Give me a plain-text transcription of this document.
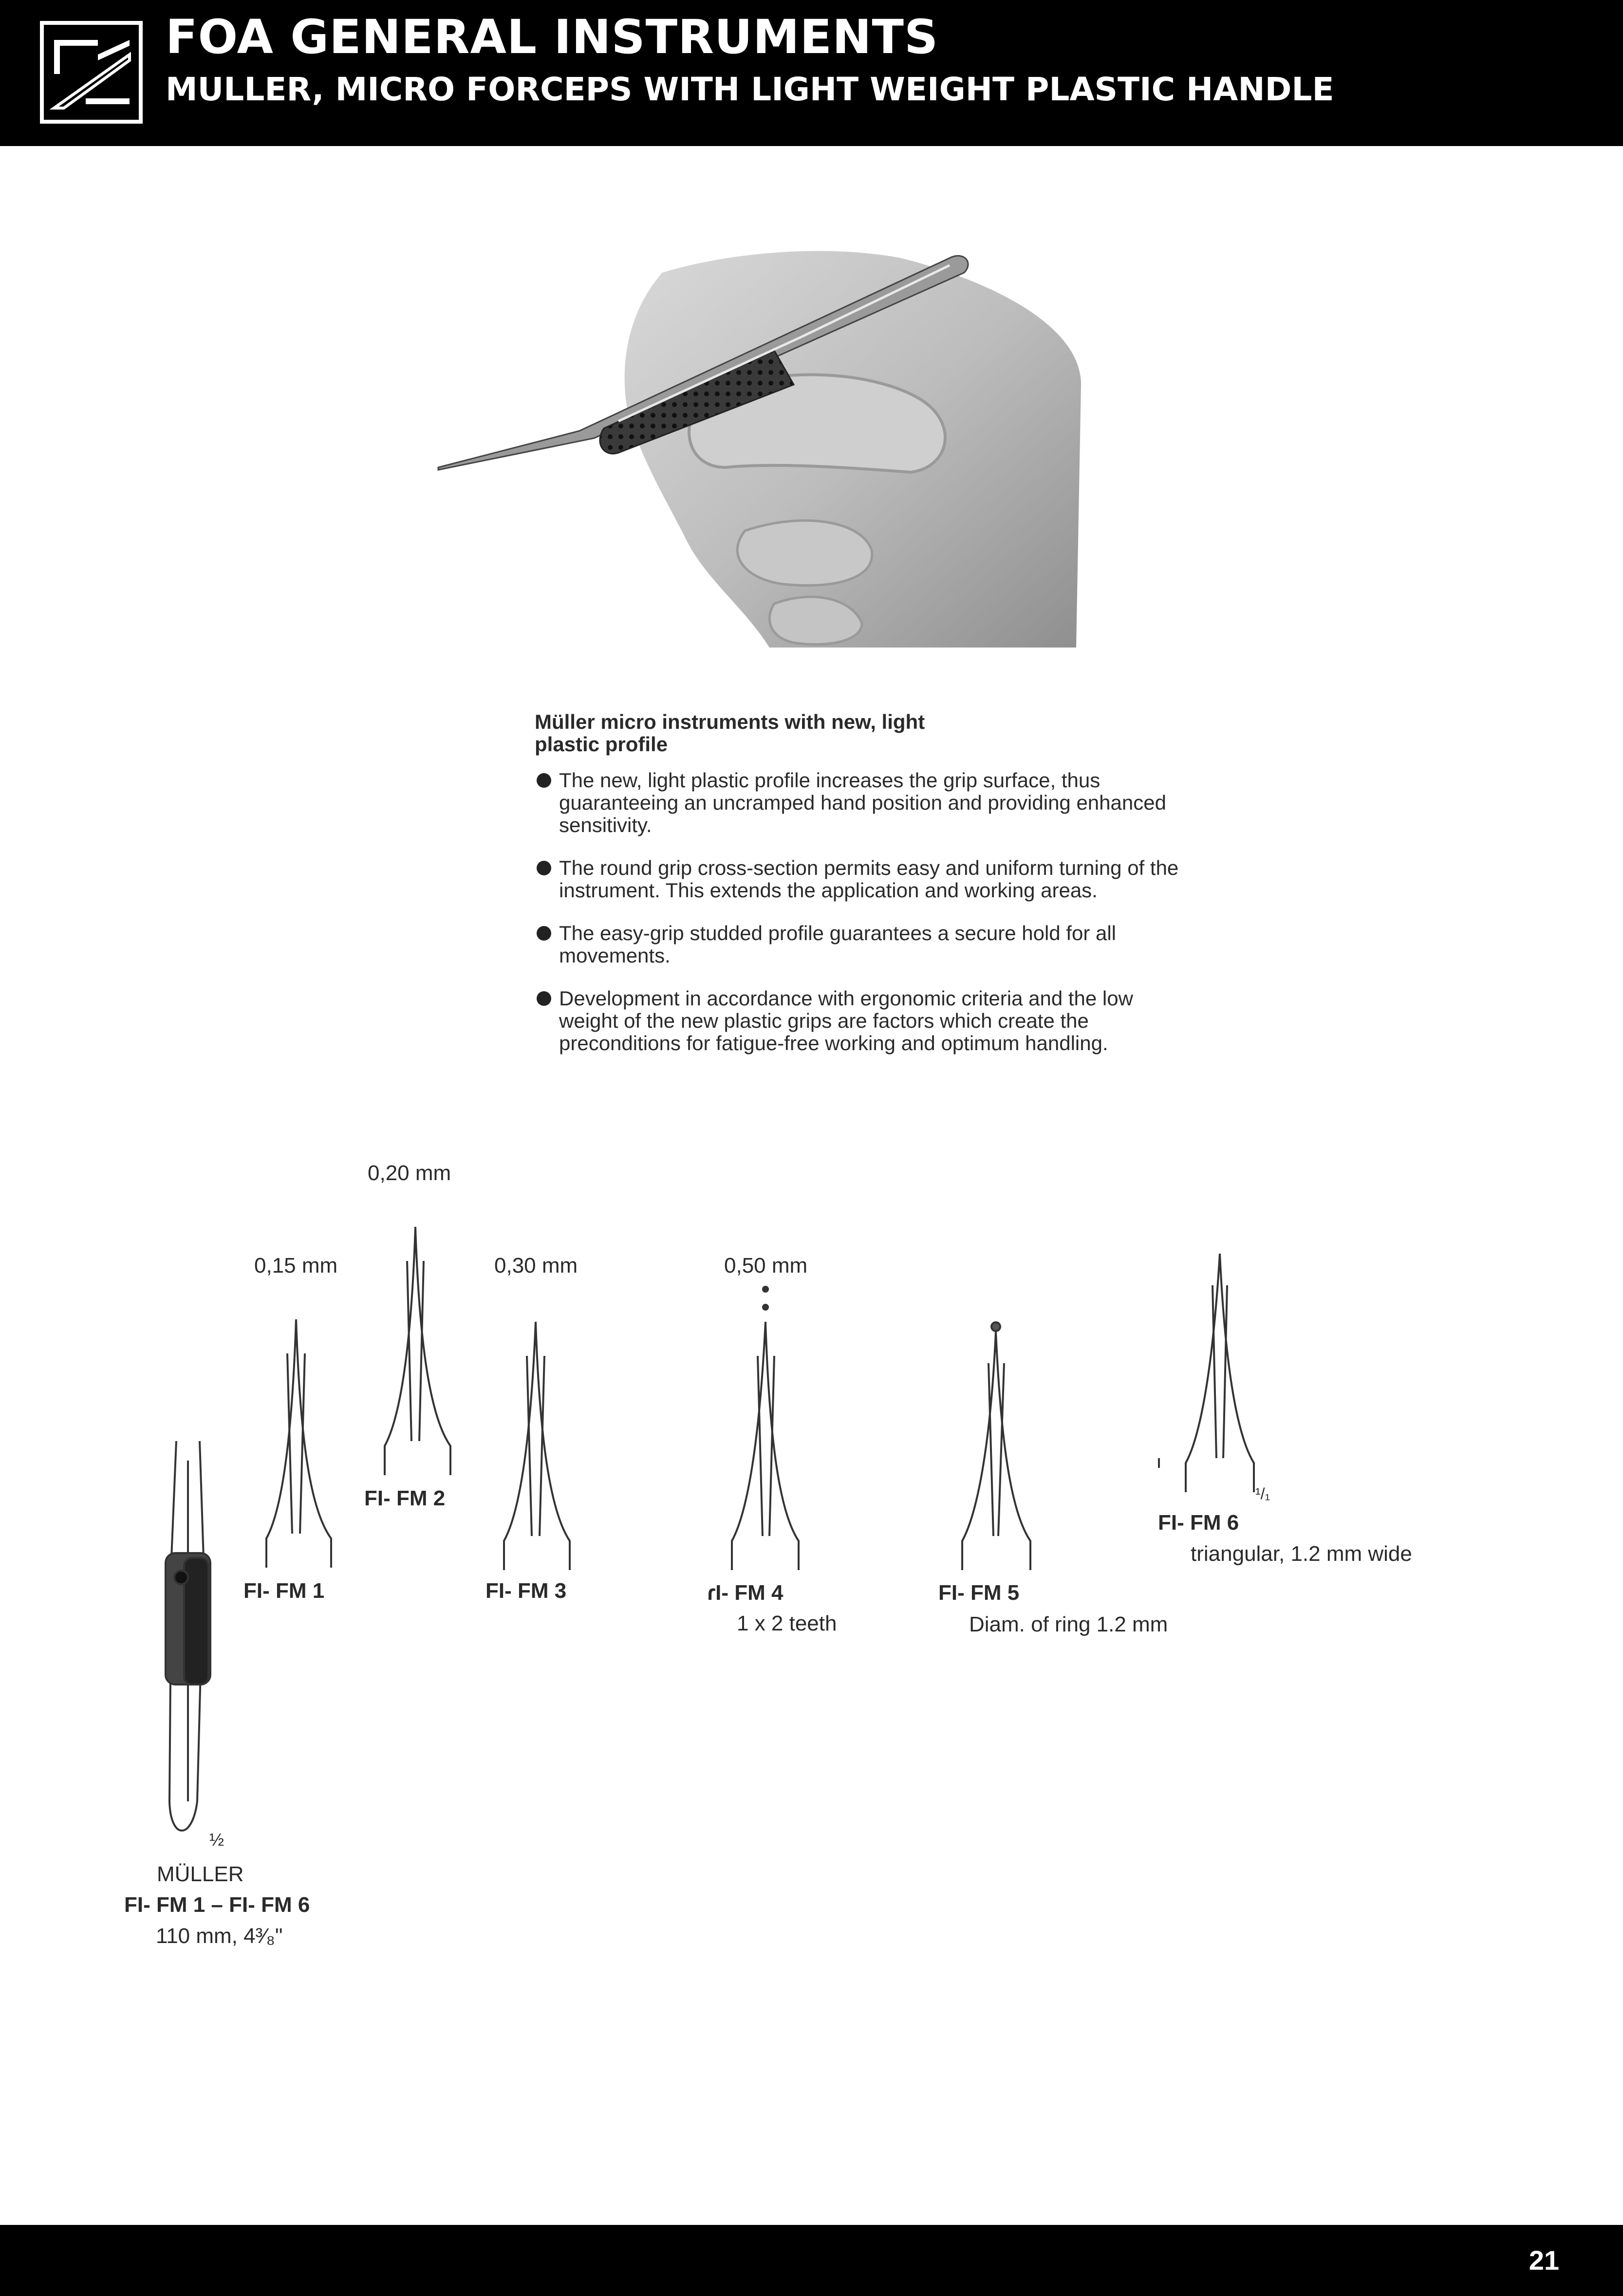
FOA GENERAL INSTRUMENTS
MULLER, MICRO FORCEPS WITH LIGHT WEIGHT PLASTIC HANDLE
Müller micro instruments with new, light plastic profile
The new, light plastic profile increases the grip surface, thus guaranteeing an uncramped hand position and providing enhanced sensitivity.
The round grip cross-section permits easy and uniform turning of the instrument. This extends the application and working areas.
The easy-grip studded profile guarantees a secure hold for all movements.
Development in accordance with ergonomic criteria and the low weight of the new plastic grips are factors which create the preconditions for fatigue-free working and optimum handling.
0,15 mm
FI- FM 1
0,20 mm
FI- FM 2
0,30 mm
FI- FM 3
0,50 mm
ɾI- FM 4
1 x 2 teeth
FI- FM 5
Diam. of ring 1.2 mm
¹/₁
FI- FM 6
triangular, 1.2 mm wide
½
MÜLLER
FI- FM 1 – FI- FM 6
110 mm, 4³⁄₈"
21
